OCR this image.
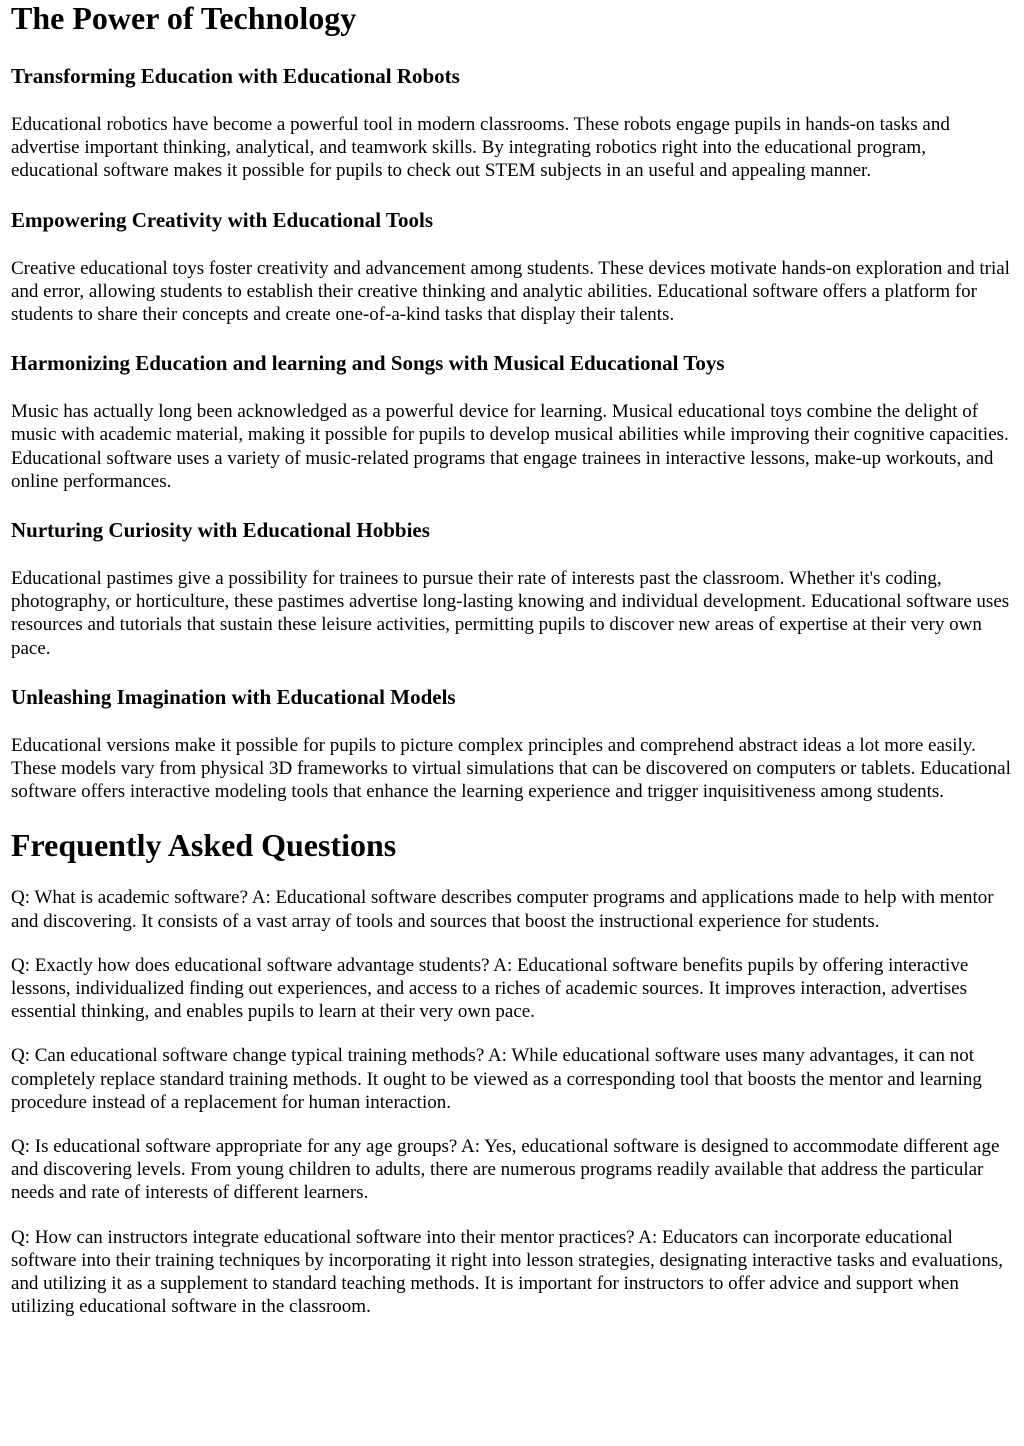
The Power of Technology
Transforming Education with Educational Robots

Educational robotics have become a powerful tool in modern classrooms. These robots engage pupils in hands-on tasks and advertise important thinking, analytical, and teamwork skills. By integrating robotics right into the educational program, educational software makes it possible for pupils to check out STEM subjects in an useful and appealing manner.

Empowering Creativity with Educational Tools

Creative educational toys foster creativity and advancement among students. These devices motivate hands-on exploration and trial and error, allowing students to establish their creative thinking and analytic abilities. Educational software offers a platform for students to share their concepts and create one-of-a-kind tasks that display their talents.

Harmonizing Education and learning and Songs with Musical Educational Toys

Music has actually long been acknowledged as a powerful device for learning. Musical educational toys combine the delight of music with academic material, making it possible for pupils to develop musical abilities while improving their cognitive capacities. Educational software uses a variety of music-related programs that engage trainees in interactive lessons, make-up workouts, and online performances.

Nurturing Curiosity with Educational Hobbies

Educational pastimes give a possibility for trainees to pursue their rate of interests past the classroom. Whether it's coding, photography, or horticulture, these pastimes advertise long-lasting knowing and individual development. Educational software uses resources and tutorials that sustain these leisure activities, permitting pupils to discover new areas of expertise at their very own pace.

Unleashing Imagination with Educational Models

Educational versions make it possible for pupils to picture complex principles and comprehend abstract ideas a lot more easily. These models vary from physical 3D frameworks to virtual simulations that can be discovered on computers or tablets. Educational software offers interactive modeling tools that enhance the learning experience and trigger inquisitiveness among students.

Frequently Asked Questions

Q: What is academic software? A: Educational software describes computer programs and applications made to help with mentor and discovering. It consists of a vast array of tools and sources that boost the instructional experience for students.

Q: Exactly how does educational software advantage students? A: Educational software benefits pupils by offering interactive lessons, individualized finding out experiences, and access to a riches of academic sources. It improves interaction, advertises essential thinking, and enables pupils to learn at their very own pace.

Q: Can educational software change typical training methods? A: While educational software uses many advantages, it can not completely replace standard training methods. It ought to be viewed as a corresponding tool that boosts the mentor and learning procedure instead of a replacement for human interaction.

Q: Is educational software appropriate for any age groups? A: Yes, educational software is designed to accommodate different age and discovering levels. From young children to adults, there are numerous programs readily available that address the particular needs and rate of interests of different learners.

Q: How can instructors integrate educational software into their mentor practices? A: Educators can incorporate educational software into their training techniques by incorporating it right into lesson strategies, designating interactive tasks and evaluations, and utilizing it as a supplement to standard teaching methods. It is important for instructors to offer advice and support when utilizing educational software in the classroom.
